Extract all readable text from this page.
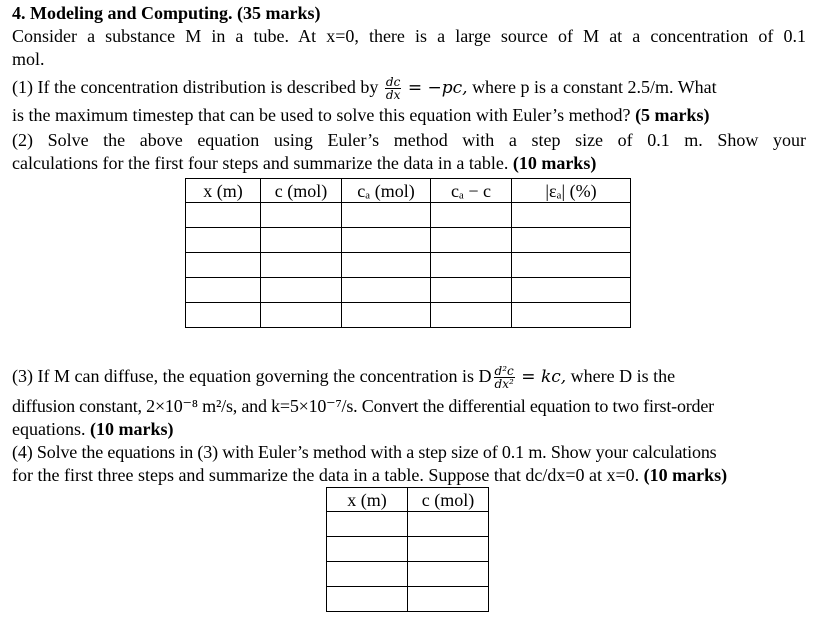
4. Modeling and Computing. (35 marks)
Consider a substance M in a tube. At x=0, there is a large source of M at a concentration of 0.1
mol.
(1) If the concentration distribution is described by $\frac{dc}{dx} = -pc$, where p is a constant 2.5/m. What
is the maximum timestep that can be used to solve this equation with Euler’s method? (5 marks)
(2) Solve the above equation using Euler’s method with a step size of 0.1 m. Show your
calculations for the first four steps and summarize the data in a table. (10 marks)
x (m)	c (mol)	cₐ (mol)	cₐ − c	|εₐ| (%)

(3) If M can diffuse, the equation governing the concentration is D $\frac{\text{d²c}}{\text{dx²}}$ = kc, where D is the
diffusion constant, 2×10⁻⁸ m²/s, and k=5×10⁻⁷/s. Convert the differential equation to two first-order
equations. (10 marks)
(4) Solve the equations in (3) with Euler’s method with a step size of 0.1 m. Show your calculations
for the first three steps and summarize the data in a table. Suppose that dc/dx=0 at x=0. (10 marks)
x (m)	c (mol)
